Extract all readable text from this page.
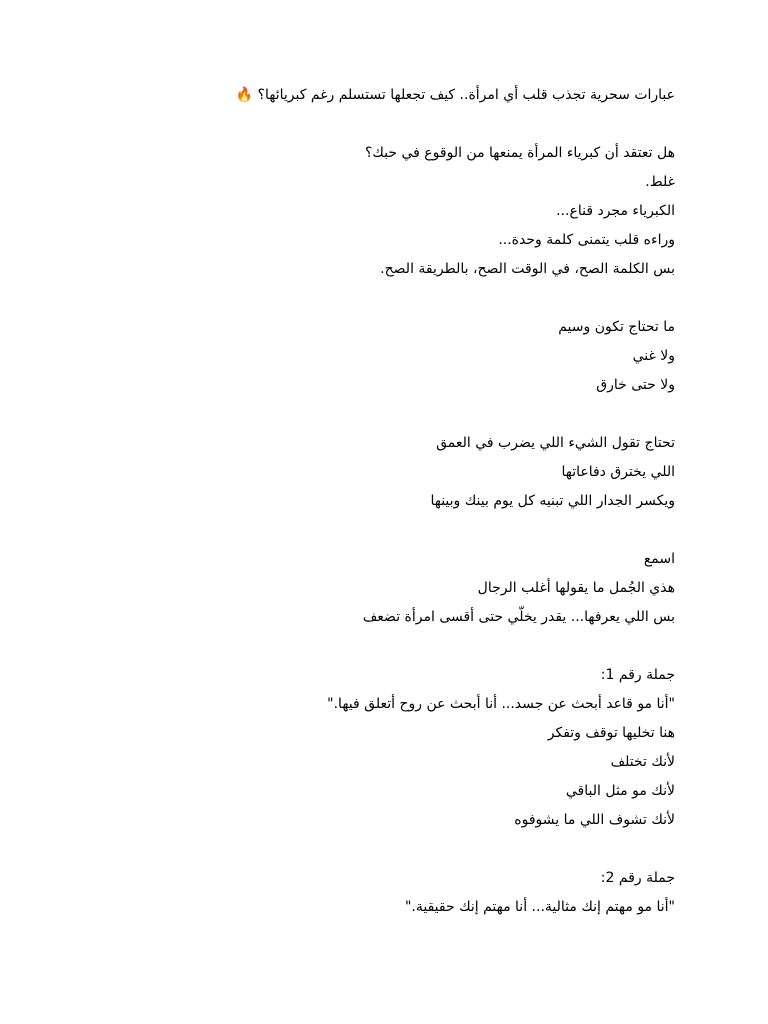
عبارات سحرية تجذب قلب أي امرأة.. كيف تجعلها تستسلم رغم كبريائها؟ 🔥
هل تعتقد أن كبرياء المرأة يمنعها من الوقوع في حبك؟
غلط.
الكبرياء مجرد قناع...
وراءه قلب يتمنى كلمة وحدة...
بس الكلمة الصح، في الوقت الصح، بالطريقة الصح.
ما تحتاج تكون وسيم
ولا غني
ولا حتى خارق
تحتاج تقول الشيء اللي يضرب في العمق
اللي يخترق دفاعاتها
ويكسر الجدار اللي تبنيه كل يوم بينك وبينها
اسمع
هذي الجُمل ما يقولها أغلب الرجال
بس اللي يعرفها... يقدر يخلّي حتى أقسى امرأة تضعف
جملة رقم 1:
"أنا مو قاعد أبحث عن جسد... أنا أبحث عن روح أتعلق فيها."
هنا تخليها توقف وتفكر
لأنك تختلف
لأنك مو مثل الباقي
لأنك تشوف اللي ما يشوفوه
جملة رقم 2:
"أنا مو مهتم إنك مثالية... أنا مهتم إنك حقيقية."
